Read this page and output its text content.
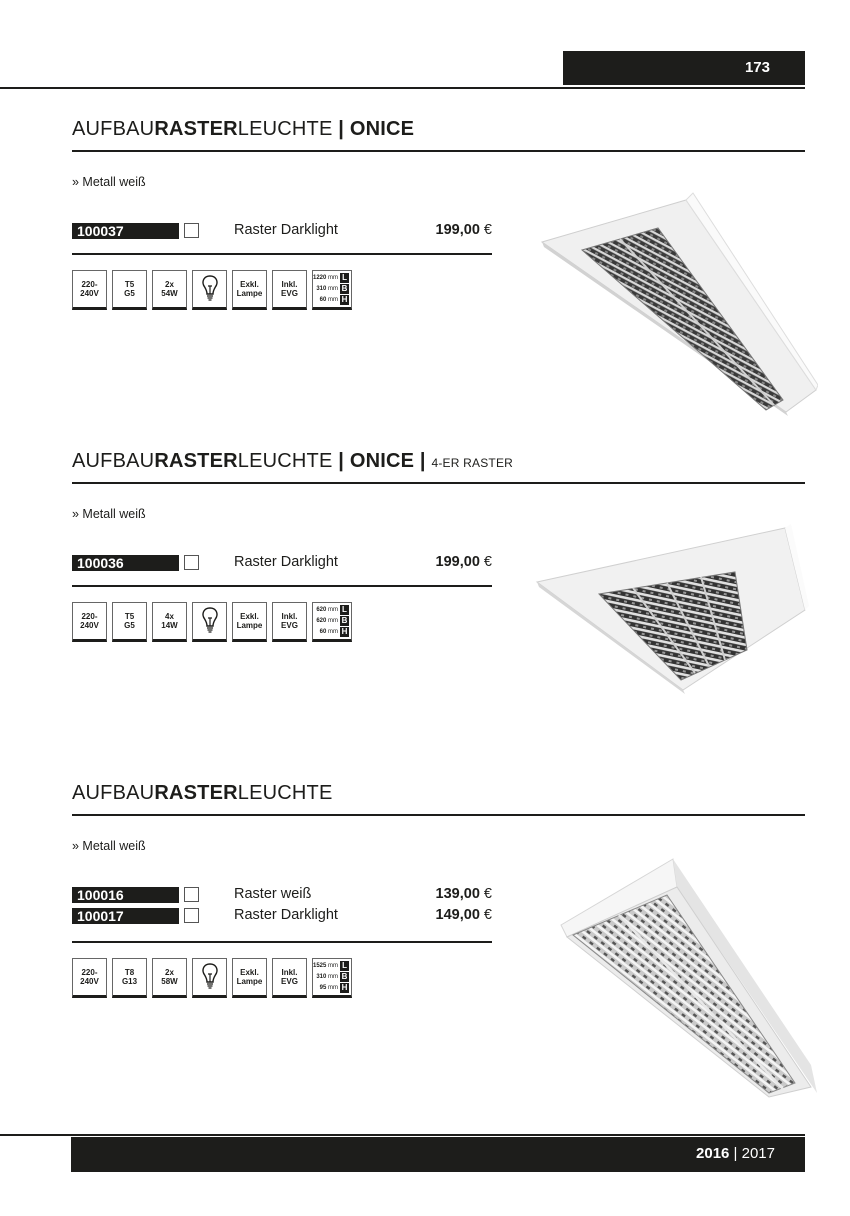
173
AUFBAURASTERLEUCHTE | ONICE
» Metall weiß
100037	Raster Darklight	199,00 €
220-
240V
T5
G5
2x
54W
Exkl.
Lampe
Inkl.
EVG
1220 mm L
310 mm B
60 mm H
AUFBAURASTERLEUCHTE | ONICE | 4-ER RASTER
» Metall weiß
100036	Raster Darklight	199,00 €
220-
240V
T5
G5
4x
14W
Exkl.
Lampe
Inkl.
EVG
620 mm L
620 mm B
60 mm H
AUFBAURASTERLEUCHTE
» Metall weiß
100016	Raster weiß	139,00 €
100017	Raster Darklight	149,00 €
220-
240V
T8
G13
2x
58W
Exkl.
Lampe
Inkl.
EVG
1525 mm L
310 mm B
95 mm H
2016 | 2017
